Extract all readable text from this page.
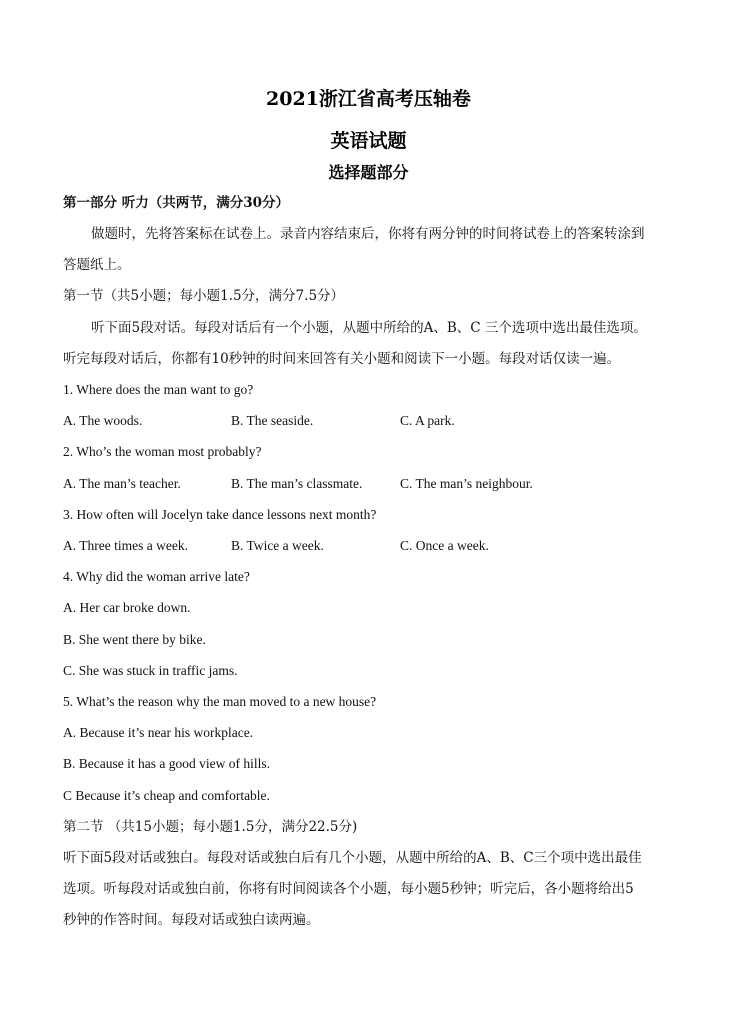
2021浙江省高考压轴卷
英语试题
选择题部分
第一部分 听力（共两节，满分30分）
做题时，先将答案标在试卷上。录音内容结束后，你将有两分钟的时间将试卷上的答案转涂到
答题纸上。
第一节（共5小题；每小题1.5分，满分7.5分）
听下面5段对话。每段对话后有一个小题，从题中所给的A、B、C 三个选项中选出最佳选项。
听完每段对话后，你都有10秒钟的时间来回答有关小题和阅读下一小题。每段对话仅读一遍。
1. Where does the man want to go?
A. The woods.	B. The seaside.	C. A park.
2. Who’s the woman most probably?
A. The man’s teacher.	B. The man’s classmate.	C. The man’s neighbour.
3. How often will Jocelyn take dance lessons next month?
A. Three times a week.	B. Twice a week.	C. Once a week.
4. Why did the woman arrive late?
A. Her car broke down.
B. She went there by bike.
C. She was stuck in traffic jams.
5. What’s the reason why the man moved to a new house?
A. Because it’s near his workplace.
B. Because it has a good view of hills.
C Because it’s cheap and comfortable.
第二节 （共15小题；每小题1.5分，满分22.5分)
听下面5段对话或独白。每段对话或独白后有几个小题，从题中所给的A、B、C三个项中选出最佳
选项。听每段对话或独白前，你将有时间阅读各个小题，每小题5秒钟；听完后，各小题将给出5
秒钟的作答时间。每段对话或独白读两遍。
